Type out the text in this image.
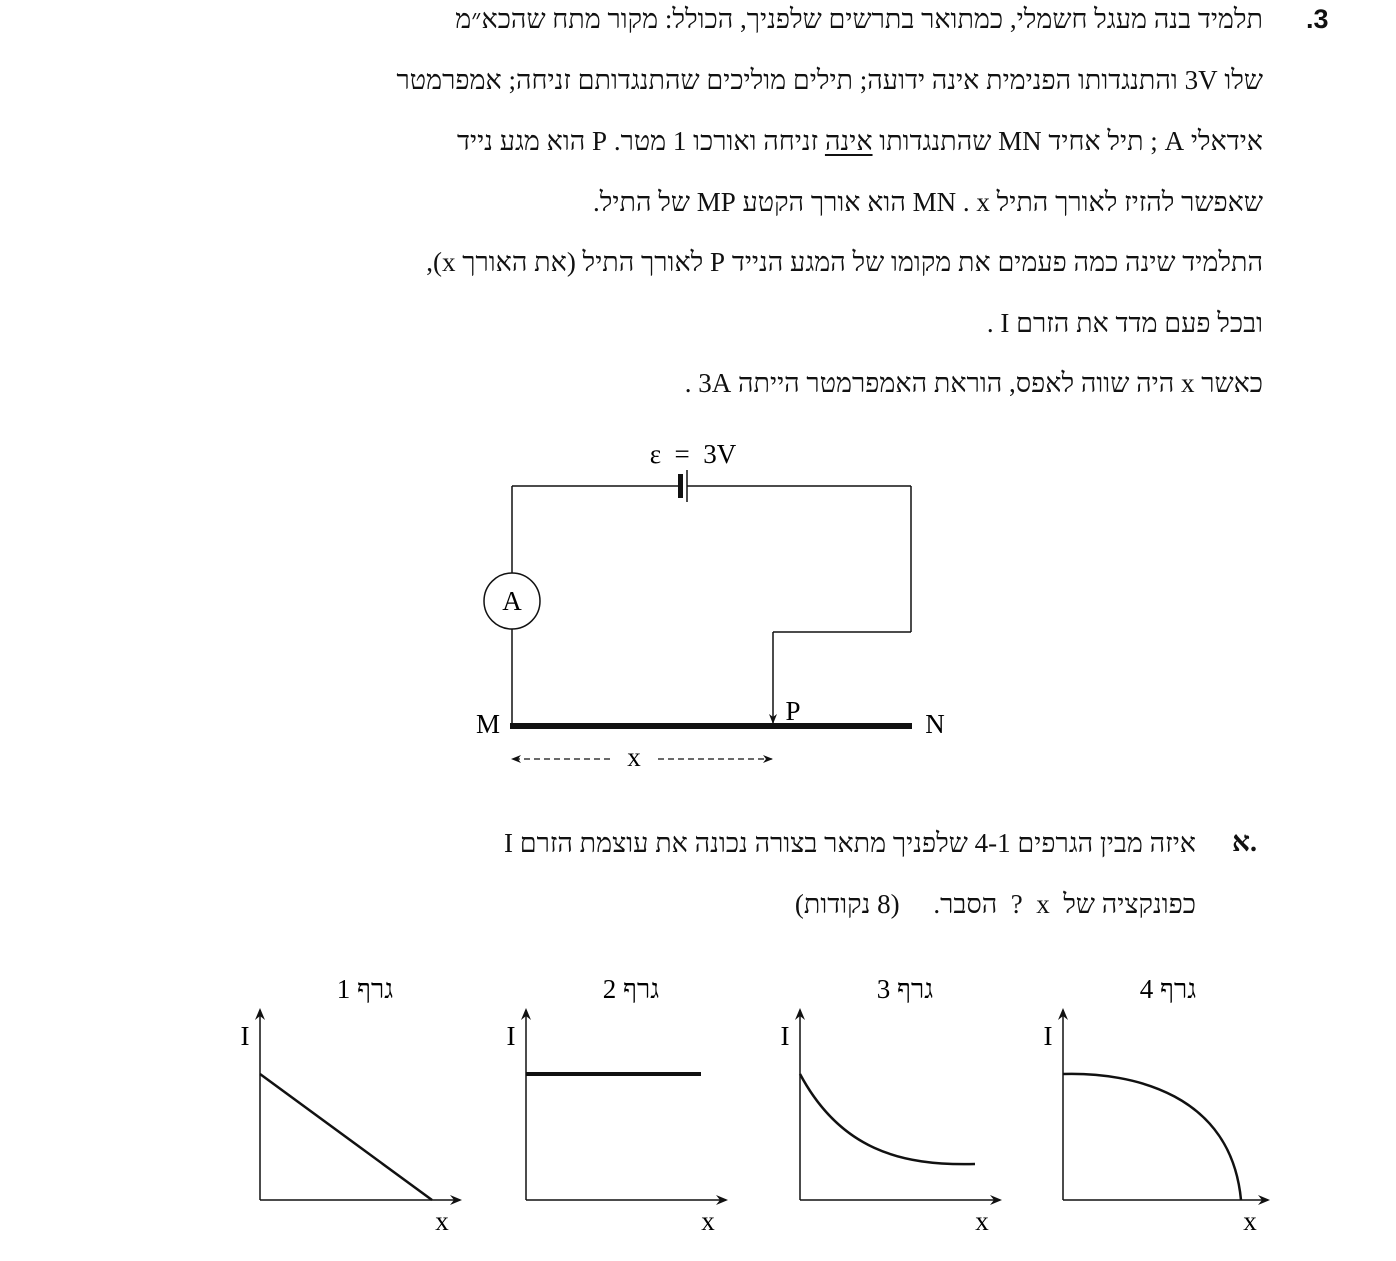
.3
תלמיד בנה מעגל חשמלי, כמתואר בתרשים שלפניך, הכולל: מקור מתח שהכא״מ
שלו 3V והתנגדותו הפנימית אינה ידועה; תילים מוליכים שהתנגדותם זניחה; אמפרמטר
אידאלי A ; תיל אחיד MN שהתנגדותו אינה זניחה ואורכו 1 מטר. P הוא מגע נייד
שאפשר להזיז לאורך התיל MN . x הוא אורך הקטע MP של התיל.
התלמיד שינה כמה פעמים את מקומו של המגע הנייד P לאורך התיל (את האורך x),
ובכל פעם מדד את הזרם I .
כאשר x היה שווה לאפס, הוראת האמפרמטר הייתה 3A .
ε  =  3V
A
M	N
P
x
א.
איזה מבין הגרפים 4-1 שלפניך מתאר בצורה נכונה את עוצמת הזרם I
כפונקציה של  x  ?  הסבר.     (8 נקודות)
גרף 1
I
x
גרף 2
I
x
גרף 3
I
x
גרף 4
I
x
